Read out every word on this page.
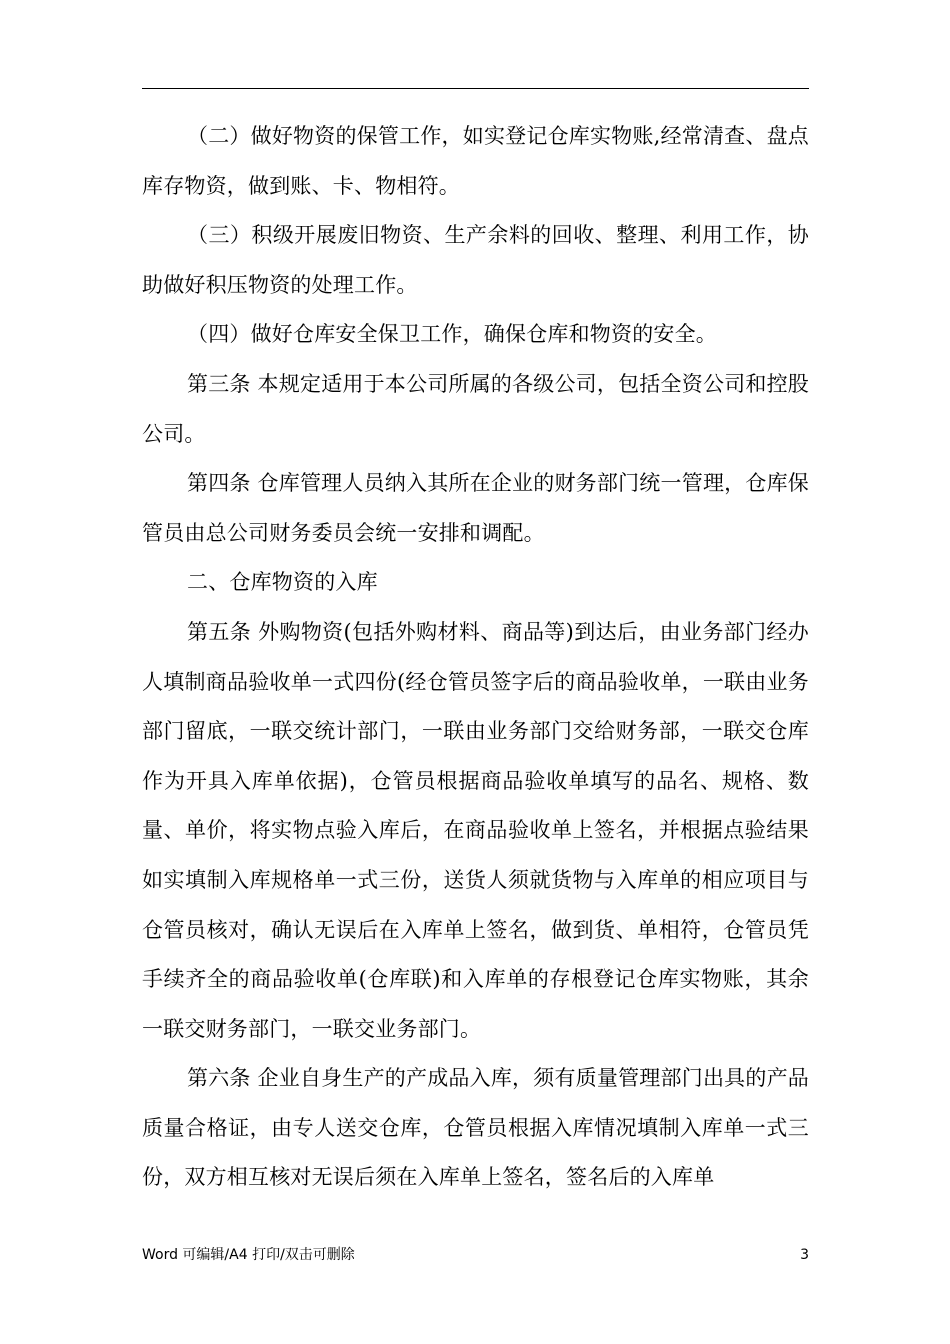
（二）做好物资的保管工作，如实登记仓库实物账,经常清查、盘点库存物资，做到账、卡、物相符。

（三）积级开展废旧物资、生产余料的回收、整理、利用工作，协助做好积压物资的处理工作。

（四）做好仓库安全保卫工作，确保仓库和物资的安全。

第三条 本规定适用于本公司所属的各级公司，包括全资公司和控股公司。

第四条 仓库管理人员纳入其所在企业的财务部门统一管理，仓库保管员由总公司财务委员会统一安排和调配。

二、仓库物资的入库

第五条 外购物资(包括外购材料、商品等)到达后，由业务部门经办人填制商品验收单一式四份(经仓管员签字后的商品验收单，一联由业务部门留底，一联交统计部门，一联由业务部门交给财务部，一联交仓库作为开具入库单依据)，仓管员根据商品验收单填写的品名、规格、数量、单价，将实物点验入库后，在商品验收单上签名，并根据点验结果如实填制入库规格单一式三份，送货人须就货物与入库单的相应项目与仓管员核对，确认无误后在入库单上签名，做到货、单相符，仓管员凭手续齐全的商品验收单(仓库联)和入库单的存根登记仓库实物账，其余一联交财务部门，一联交业务部门。

第六条 企业自身生产的产成品入库，须有质量管理部门出具的产品质量合格证，由专人送交仓库，仓管员根据入库情况填制入库单一式三份，双方相互核对无误后须在入库单上签名，签名后的入库单

Word 可编辑/A4 打印/双击可删除	3
